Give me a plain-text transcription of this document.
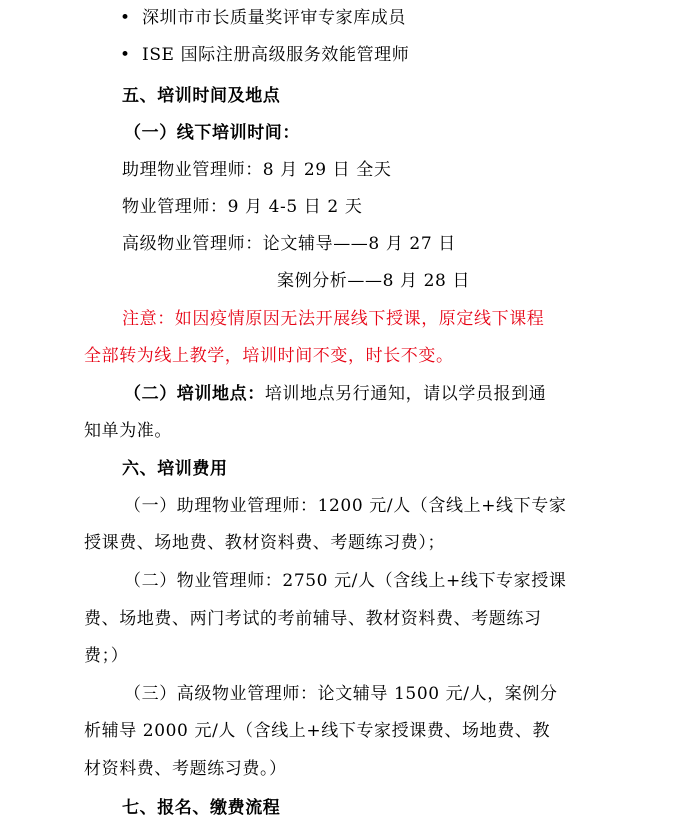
• 深圳市市长质量奖评审专家库成员
• ISE 国际注册高级服务效能管理师
五、培训时间及地点
（一）线下培训时间：
助理物业管理师：8 月 29 日 全天
物业管理师：9 月 4-5 日 2 天
高级物业管理师：论文辅导——8 月 27 日
案例分析——8 月 28 日
注意：如因疫情原因无法开展线下授课，原定线下课程
全部转为线上教学，培训时间不变，时长不变。
（二）培训地点：培训地点另行通知，请以学员报到通
知单为准。
六、培训费用
（一）助理物业管理师：1200 元/人（含线上+线下专家
授课费、场地费、教材资料费、考题练习费）；
（二）物业管理师：2750 元/人（含线上+线下专家授课
费、场地费、两门考试的考前辅导、教材资料费、考题练习
费；）
（三）高级物业管理师：论文辅导 1500 元/人，案例分
析辅导 2000 元/人（含线上+线下专家授课费、场地费、教
材资料费、考题练习费。）
七、报名、缴费流程
